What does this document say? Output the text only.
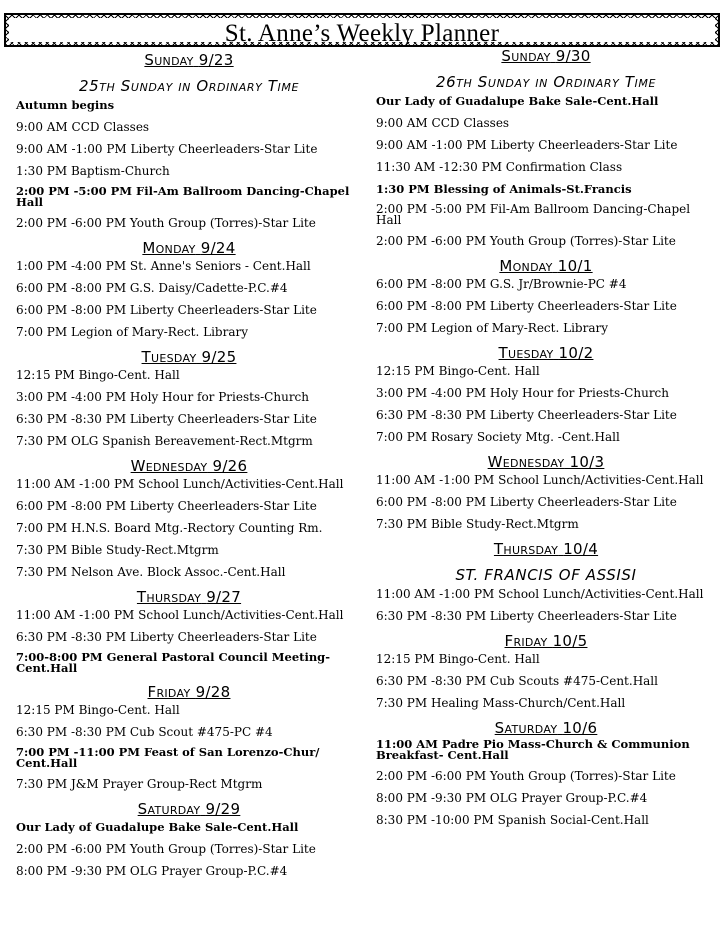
St. Anne’s Weekly Planner
Sunday 9/23
25th Sunday in Ordinary Time
Autumn begins
9:00 AM CCD Classes
9:00 AM -1:00 PM Liberty Cheerleaders-Star Lite
1:30 PM Baptism-Church
2:00 PM -5:00 PM Fil-Am Ballroom Dancing-Chapel Hall
2:00 PM -6:00 PM Youth Group (Torres)-Star Lite
Monday 9/24
1:00 PM -4:00 PM St. Anne's Seniors - Cent.Hall
6:00 PM -8:00 PM G.S. Daisy/Cadette-P.C.#4
6:00 PM -8:00 PM Liberty Cheerleaders-Star Lite
7:00 PM Legion of Mary-Rect. Library
Tuesday 9/25
12:15 PM Bingo-Cent. Hall
3:00 PM -4:00 PM Holy Hour for Priests-Church
6:30 PM -8:30 PM Liberty Cheerleaders-Star Lite
7:30 PM OLG Spanish Bereavement-Rect.Mtgrm
Wednesday 9/26
11:00 AM -1:00 PM School Lunch/Activities-Cent.Hall
6:00 PM -8:00 PM Liberty Cheerleaders-Star Lite
7:00 PM H.N.S. Board Mtg.-Rectory Counting Rm.
7:30 PM Bible Study-Rect.Mtgrm
7:30 PM Nelson Ave. Block Assoc.-Cent.Hall
Thursday 9/27
11:00 AM -1:00 PM School Lunch/Activities-Cent.Hall
6:30 PM -8:30 PM Liberty Cheerleaders-Star Lite
7:00-8:00 PM General Pastoral Council Meeting-Cent.Hall
Friday 9/28
12:15 PM Bingo-Cent. Hall
6:30 PM -8:30 PM Cub Scout #475-PC #4
7:00 PM -11:00 PM Feast of San Lorenzo-Chur/ Cent.Hall
7:30 PM J&M Prayer Group-Rect Mtgrm
Saturday 9/29
Our Lady of Guadalupe Bake Sale-Cent.Hall
2:00 PM -6:00 PM Youth Group (Torres)-Star Lite
8:00 PM -9:30 PM OLG Prayer Group-P.C.#4
Sunday 9/30
26th Sunday in Ordinary Time
Our Lady of Guadalupe Bake Sale-Cent.Hall
9:00 AM CCD Classes
9:00 AM -1:00 PM Liberty Cheerleaders-Star Lite
11:30 AM -12:30 PM Confirmation Class
1:30 PM Blessing of Animals-St.Francis
2:00 PM -5:00 PM Fil-Am Ballroom Dancing-Chapel Hall
2:00 PM -6:00 PM Youth Group (Torres)-Star Lite
Monday 10/1
6:00 PM -8:00 PM G.S. Jr/Brownie-PC #4
6:00 PM -8:00 PM Liberty Cheerleaders-Star Lite
7:00 PM Legion of Mary-Rect. Library
Tuesday 10/2
12:15 PM Bingo-Cent. Hall
3:00 PM -4:00 PM Holy Hour for Priests-Church
6:30 PM -8:30 PM Liberty Cheerleaders-Star Lite
7:00 PM Rosary Society Mtg. -Cent.Hall
Wednesday 10/3
11:00 AM -1:00 PM School Lunch/Activities-Cent.Hall
6:00 PM -8:00 PM Liberty Cheerleaders-Star Lite
7:30 PM Bible Study-Rect.Mtgrm
Thursday 10/4
ST. FRANCIS OF ASSISI
11:00 AM -1:00 PM School Lunch/Activities-Cent.Hall
6:30 PM -8:30 PM Liberty Cheerleaders-Star Lite
Friday 10/5
12:15 PM Bingo-Cent. Hall
6:30 PM -8:30 PM Cub Scouts #475-Cent.Hall
7:30 PM Healing Mass-Church/Cent.Hall
Saturday 10/6
11:00 AM Padre Pio Mass-Church & Communion Breakfast- Cent.Hall
2:00 PM -6:00 PM Youth Group (Torres)-Star Lite
8:00 PM -9:30 PM OLG Prayer Group-P.C.#4
8:30 PM -10:00 PM Spanish Social-Cent.Hall
